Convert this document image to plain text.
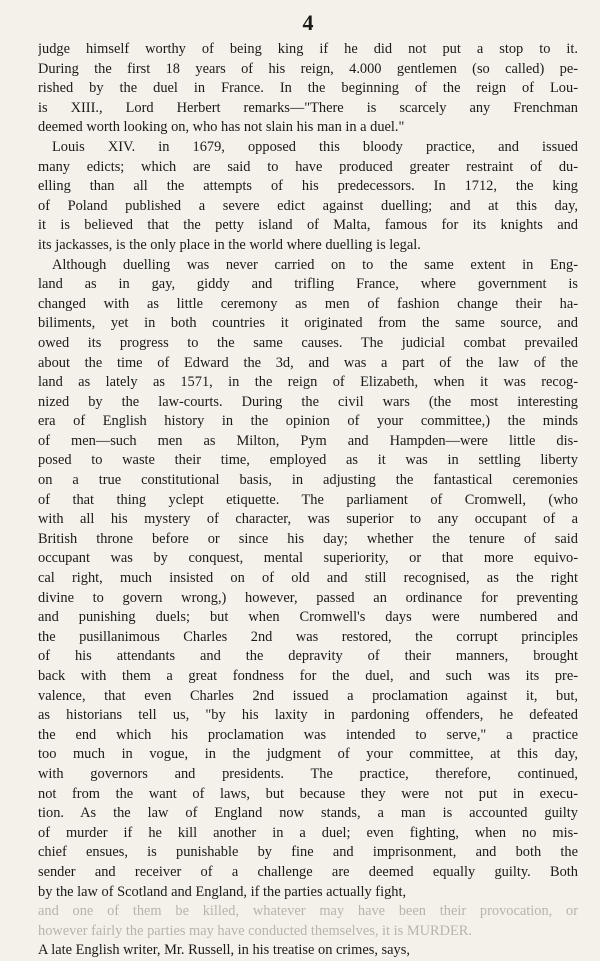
4
judge himself worthy of being king if he did not put a stop to it.
During the first 18 years of his reign, 4.000 gentlemen (so called) pe-
rished by the duel in France. In the beginning of the reign of Lou-
is XIII., Lord Herbert remarks—"There is scarcely any Frenchman
deemed worth looking on, who has not slain his man in a duel."
Louis XIV. in 1679, opposed this bloody practice, and issued
many edicts; which are said to have produced greater restraint of du-
elling than all the attempts of his predecessors. In 1712, the king
of Poland published a severe edict against duelling; and at this day,
it is believed that the petty island of Malta, famous for its knights and
its jackasses, is the only place in the world where duelling is legal.
Although duelling was never carried on to the same extent in Eng-
land as in gay, giddy and trifling France, where government is
changed with as little ceremony as men of fashion change their ha-
biliments, yet in both countries it originated from the same source, and
owed its progress to the same causes. The judicial combat prevailed
about the time of Edward the 3d, and was a part of the law of the
land as lately as 1571, in the reign of Elizabeth, when it was recog-
nized by the law-courts. During the civil wars (the most interesting
era of English history in the opinion of your committee,) the minds
of men—such men as Milton, Pym and Hampden—were little dis-
posed to waste their time, employed as it was in settling liberty
on a true constitutional basis, in adjusting the fantastical ceremonies
of that thing yclept etiquette. The parliament of Cromwell, (who
with all his mystery of character, was superior to any occupant of a
British throne before or since his day; whether the tenure of said
occupant was by conquest, mental superiority, or that more equivo-
cal right, much insisted on of old and still recognised, as the right
divine to govern wrong,) however, passed an ordinance for preventing
and punishing duels; but when Cromwell's days were numbered and
the pusillanimous Charles 2nd was restored, the corrupt principles
of his attendants and the depravity of their manners, brought
back with them a great fondness for the duel, and such was its pre-
valence, that even Charles 2nd issued a proclamation against it, but,
as historians tell us, "by his laxity in pardoning offenders, he defeated
the end which his proclamation was intended to serve," a practice
too much in vogue, in the judgment of your committee, at this day,
with governors and presidents. The practice, therefore, continued,
not from the want of laws, but because they were not put in execu-
tion. As the law of England now stands, a man is accounted guilty
of murder if he kill another in a duel; even fighting, when no mis-
chief ensues, is punishable by fine and imprisonment, and both the
sender and receiver of a challenge are deemed equally guilty. Both
by the law of Scotland and England, if the parties actually fight,
and one of them be killed, whatever may have been their provocation, or
however fairly the parties may have conducted themselves, it is MURDER.
A late English writer, Mr. Russell, in his treatise on crimes, says,
